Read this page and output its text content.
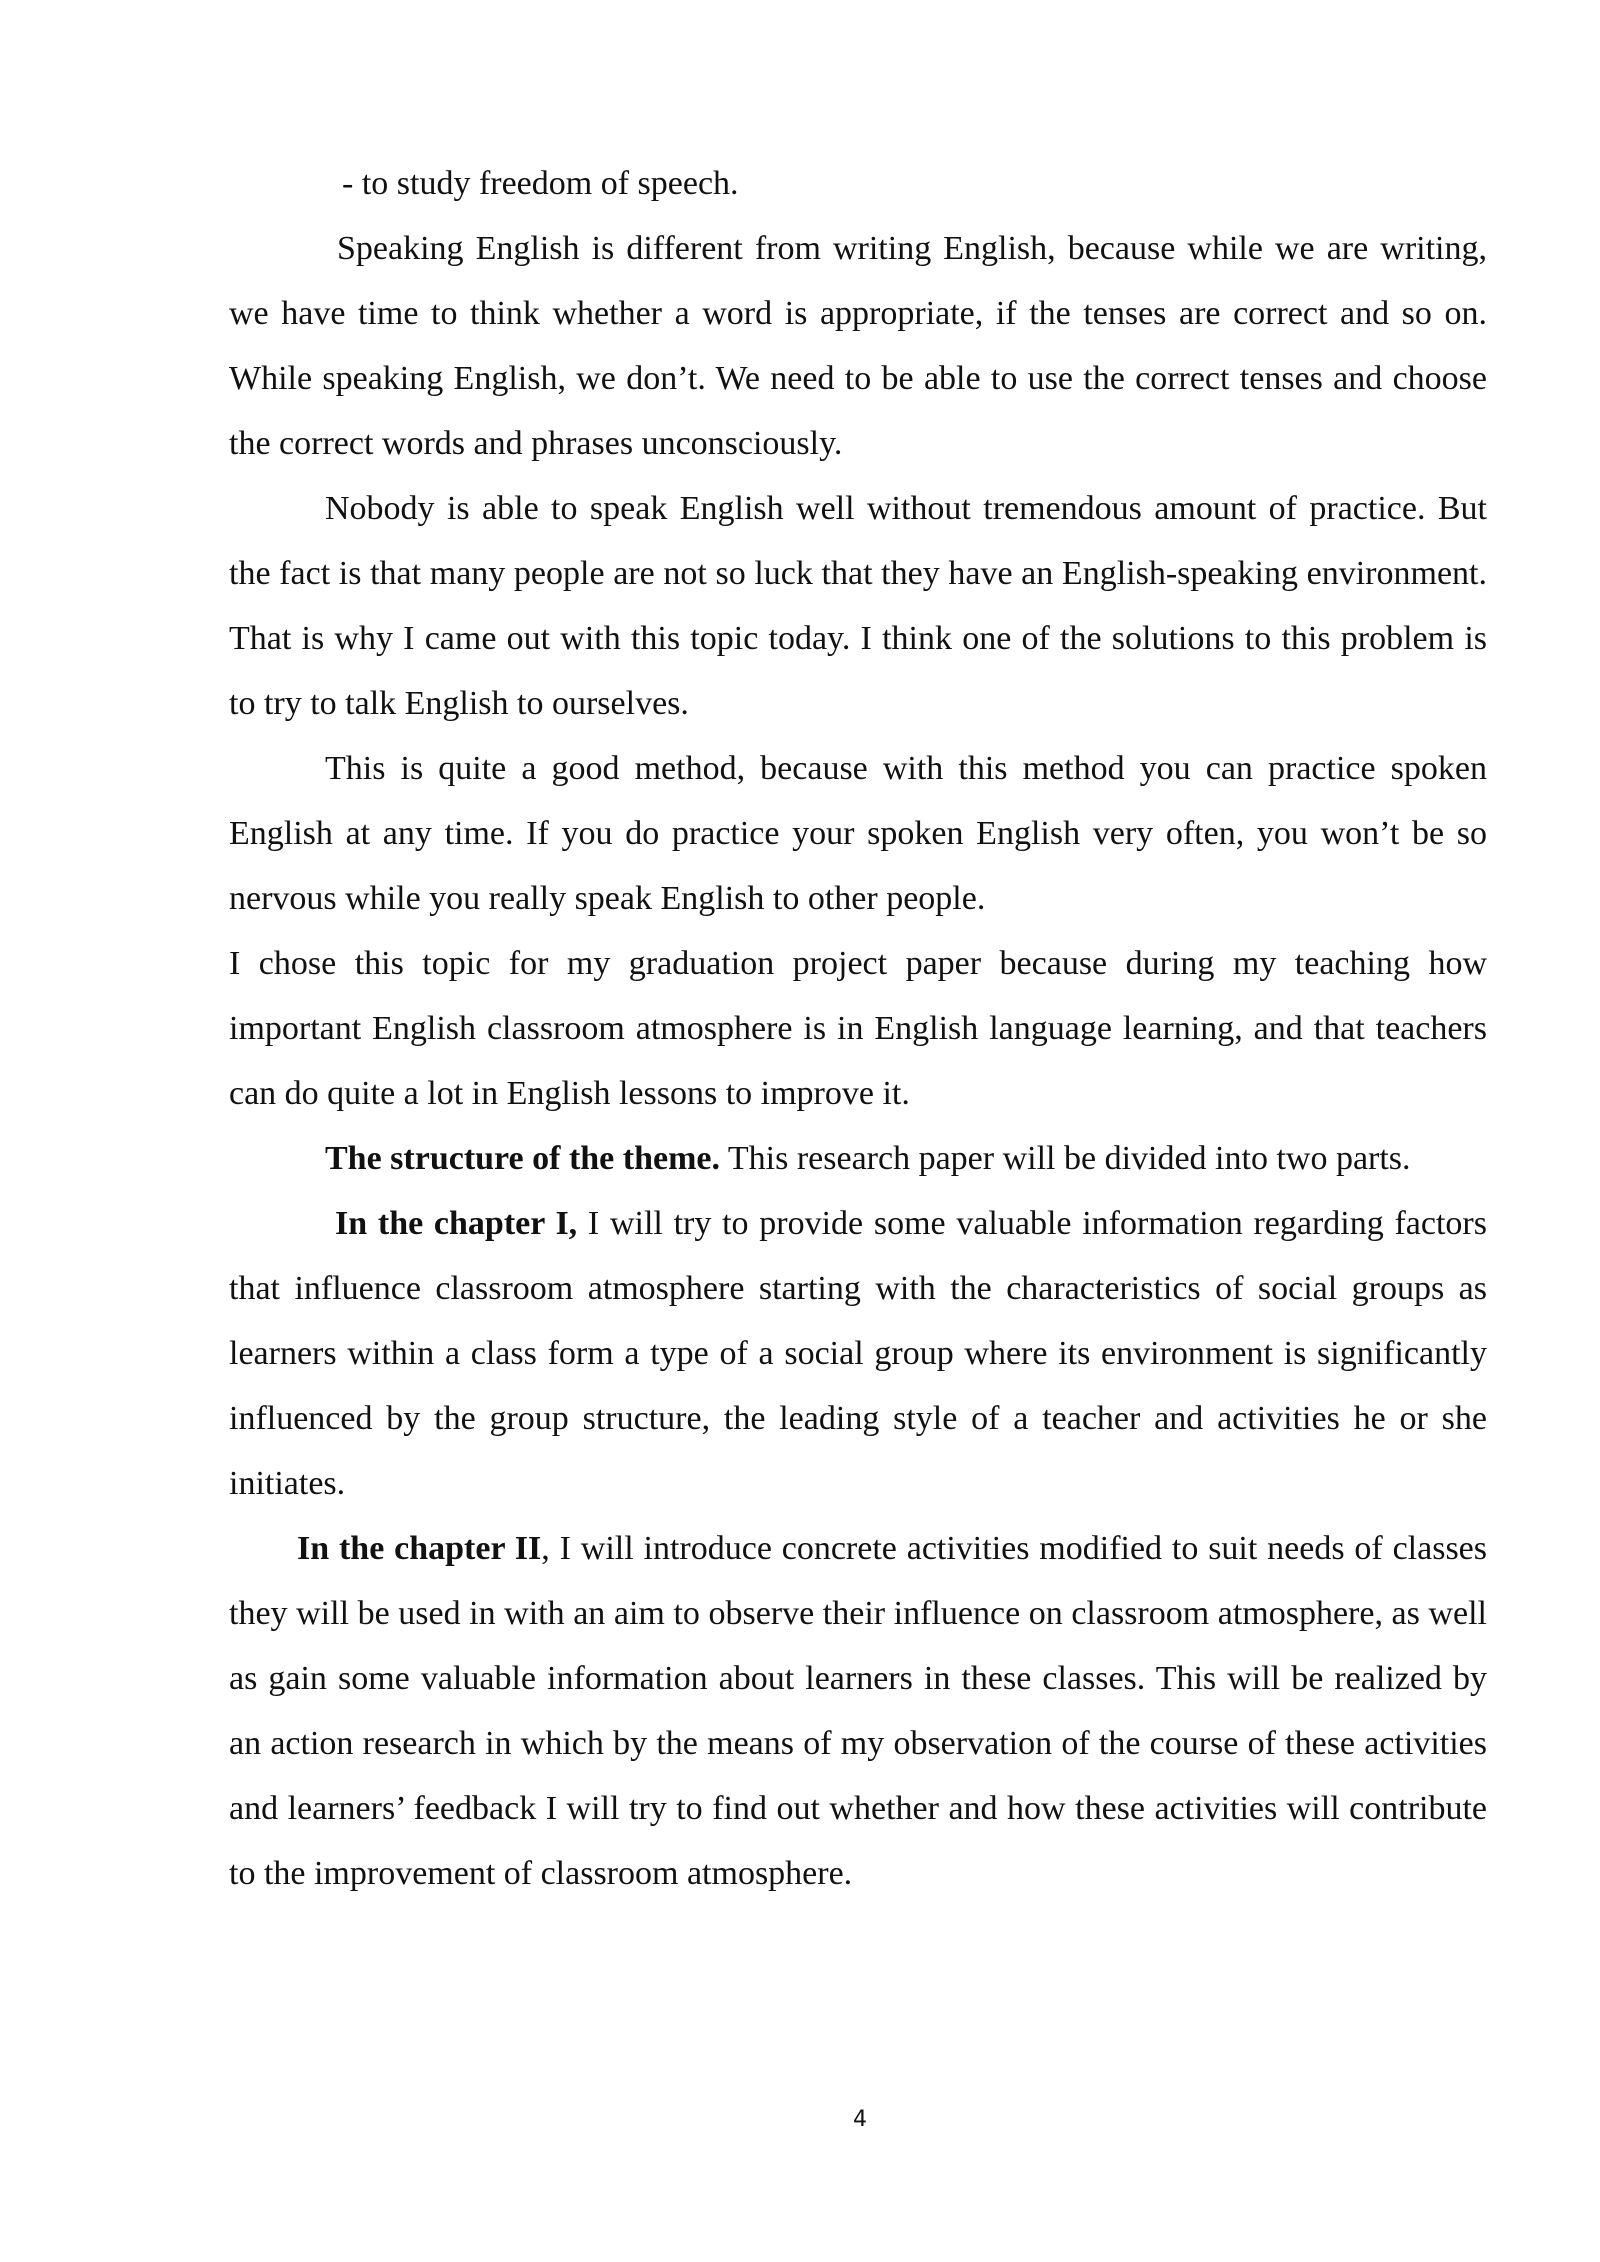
- to study freedom of speech.

Speaking English is different from writing English, because while we are writing, we have time to think whether a word is appropriate, if the tenses are correct and so on. While speaking English, we don’t. We need to be able to use the correct tenses and choose the correct words and phrases unconsciously.

Nobody is able to speak English well without tremendous amount of practice. But the fact is that many people are not so luck that they have an English-speaking environment. That is why I came out with this topic today. I think one of the solutions to this problem is to try to talk English to ourselves.

This is quite a good method, because with this method you can practice spoken English at any time. If you do practice your spoken English very often, you won’t be so nervous while you really speak English to other people.

I chose this topic for my graduation project paper because during my teaching how important English classroom atmosphere is in English language learning, and that teachers can do quite a lot in English lessons to improve it.

The structure of the theme. This research paper will be divided into two parts.

In the chapter I, I will try to provide some valuable information regarding factors that influence classroom atmosphere starting with the characteristics of social groups as learners within a class form a type of a social group where its environment is significantly influenced by the group structure, the leading style of a teacher and activities he or she initiates.

In the chapter II, I will introduce concrete activities modified to suit needs of classes they will be used in with an aim to observe their influence on classroom atmosphere, as well as gain some valuable information about learners in these classes. This will be realized by an action research in which by the means of my observation of the course of these activities and learners’ feedback I will try to find out whether and how these activities will contribute to the improvement of classroom atmosphere.

4
